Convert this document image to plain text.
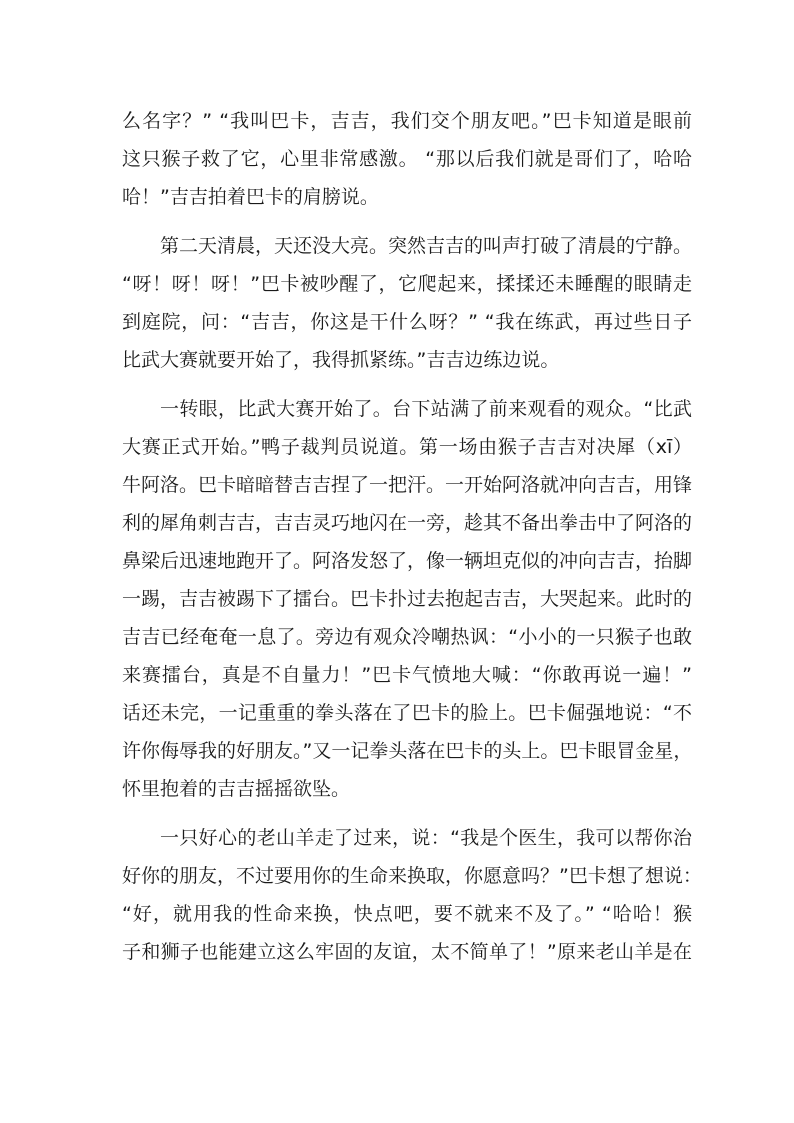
么名字？” “我叫巴卡，吉吉，我们交个朋友吧。”巴卡知道是眼前
这只猴子救了它，心里非常感激。 “那以后我们就是哥们了，哈哈
哈！”吉吉拍着巴卡的肩膀说。
第二天清晨，天还没大亮。突然吉吉的叫声打破了清晨的宁静。
“呀！呀！呀！”巴卡被吵醒了，它爬起来，揉揉还未睡醒的眼睛走
到庭院，问：“吉吉，你这是干什么呀？” “我在练武，再过些日子
比武大赛就要开始了，我得抓紧练。”吉吉边练边说。
一转眼，比武大赛开始了。台下站满了前来观看的观众。“比武
大赛正式开始。”鸭子裁判员说道。第一场由猴子吉吉对决犀（xī）
牛阿洛。巴卡暗暗替吉吉捏了一把汗。一开始阿洛就冲向吉吉，用锋
利的犀角刺吉吉，吉吉灵巧地闪在一旁，趁其不备出拳击中了阿洛的
鼻梁后迅速地跑开了。阿洛发怒了，像一辆坦克似的冲向吉吉，抬脚
一踢，吉吉被踢下了擂台。巴卡扑过去抱起吉吉，大哭起来。此时的
吉吉已经奄奄一息了。旁边有观众冷嘲热讽：“小小的一只猴子也敢
来赛擂台，真是不自量力！”巴卡气愤地大喊：“你敢再说一遍！”
话还未完，一记重重的拳头落在了巴卡的脸上。巴卡倔强地说：“不
许你侮辱我的好朋友。”又一记拳头落在巴卡的头上。巴卡眼冒金星，
怀里抱着的吉吉摇摇欲坠。
一只好心的老山羊走了过来，说：“我是个医生，我可以帮你治
好你的朋友，不过要用你的生命来换取，你愿意吗？”巴卡想了想说：
“好，就用我的性命来换，快点吧，要不就来不及了。” “哈哈！猴
子和狮子也能建立这么牢固的友谊，太不简单了！”原来老山羊是在
